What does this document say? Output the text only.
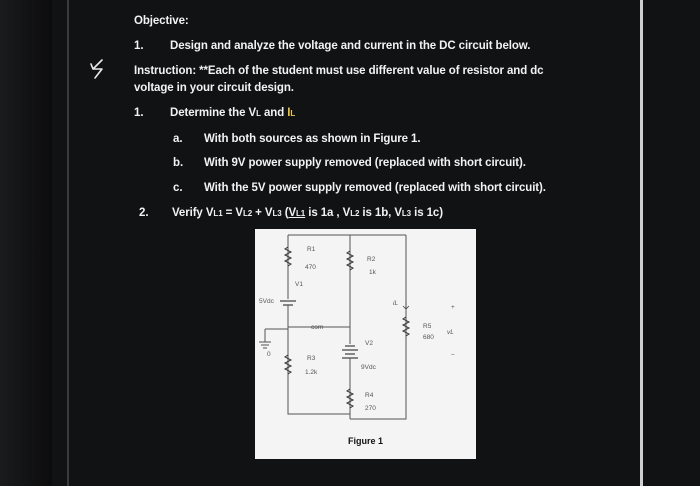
Objective:
1. Design and analyze the voltage and current in the DC circuit below.
Instruction: **Each of the student must use different value of resistor and dc
voltage in your circuit design.
1. Determine the VL and IL
a. With both sources as shown in Figure 1.
b. With 9V power supply removed (replaced with short circuit).
c. With the 5V power supply removed (replaced with short circuit).
2. Verify VL1 = VL2 + VL3 (VL1 is 1a , VL2 is 1b, VL3 is 1c)
R1
470
R2
1k
V1
5Vdc
com
0
R3
1.2k
V2
9Vdc
R4
270
R5
680
iL
vL
+
−
Figure 1
